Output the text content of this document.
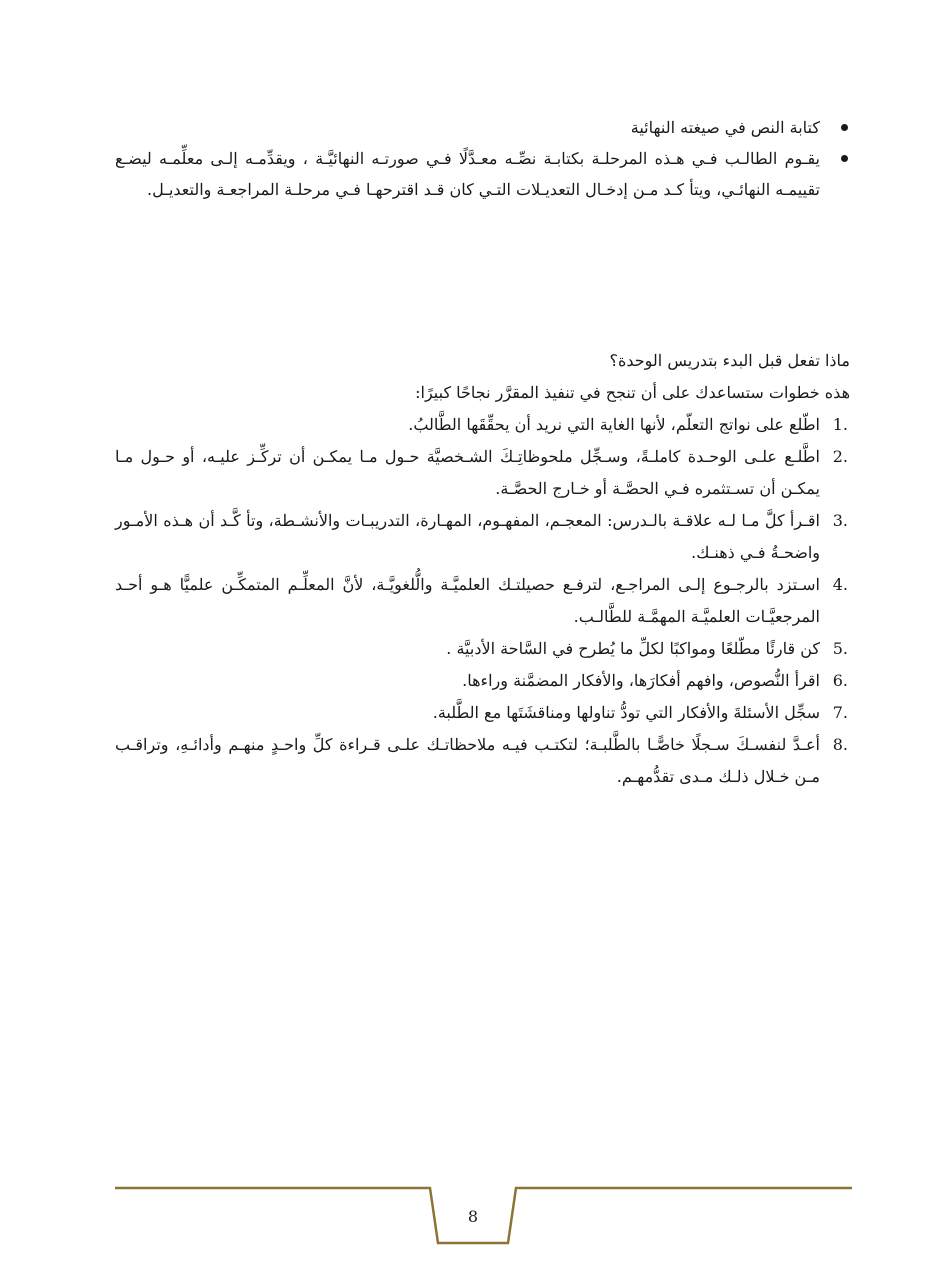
كتابة النص في صيغته النهائية
يقـوم الطالـب فـي هـذه المرحلـة بكتابـة نصِّـه معـدَّلًا فـي صورتـه النهائيَّـة ، ويقدِّمـه إلـى معلِّمـه ليضـع تقييمـه النهائـي، ويتأ كـد مـن إدخـال التعديـلات التـي كان قـد اقترحهـا فـي مرحلـة المراجعـة والتعديـل.

ماذا تفعل قبل البدء بتدريس الوحدة؟

هذه خطوات ستساعدك على أن تنجح في تنفيذ المقرَّر نجاحًا كبيرًا:

1.
اطّلع على نواتج التعلّم، لأنها الغاية التي نريد أن يحقِّقَها الطَّالبُ.
2.
اطَّلـع علـى الوحـدة كاملـةً، وسـجِّل ملحوظاتِـكَ الشـخصيَّة حـول مـا يمكـن أن تركِّـز عليـه، أو حـول مـا يمكـن أن تسـتثمره فـي الحصَّـة أو خـارج الحصَّـة.
3.
اقـرأ كلَّ مـا لـه علاقـة بالـدرس: المعجـم، المفهـوم، المهـارة، التدريبـات والأنشـطة، وتأ كَّـد أن هـذه الأمـور واضحـةُ فـي ذهنـك.
4.
اسـتزد بالرجـوع إلـى المراجـع، لترفـع حصيلتـك العلميَّـة والُّلغويَّـة، لأنَّ المعلِّـم المتمكِّـن علميًّا هـو أحـد المرجعيَّـات العلميَّـة المهمَّـة للطَّالـب.
5.
كن قارئًا مطّلعًا ومواكبًا لكلِّ ما يُطرح في السَّاحة الأدبيَّة .
6.
اقرأ النُّصوص، وافهم أفكارَها، والأفكار المضمَّنة وراءها.
7.
سجِّل الأسئلةَ والأفكار التي تودُّ تناولها ومناقشَتَها مع الطَّلبة.
8.
أعـدَّ لنفسـكَ سـجلًا خاصًّـا بالطَّلبـة؛ لتكتـب فيـه ملاحظاتـك علـى قـراءة كلِّ واحـدٍ منهـم وأدائـهِ، وتراقـب مـن خـلال ذلـك مـدى تقدُّمهـم.
8
